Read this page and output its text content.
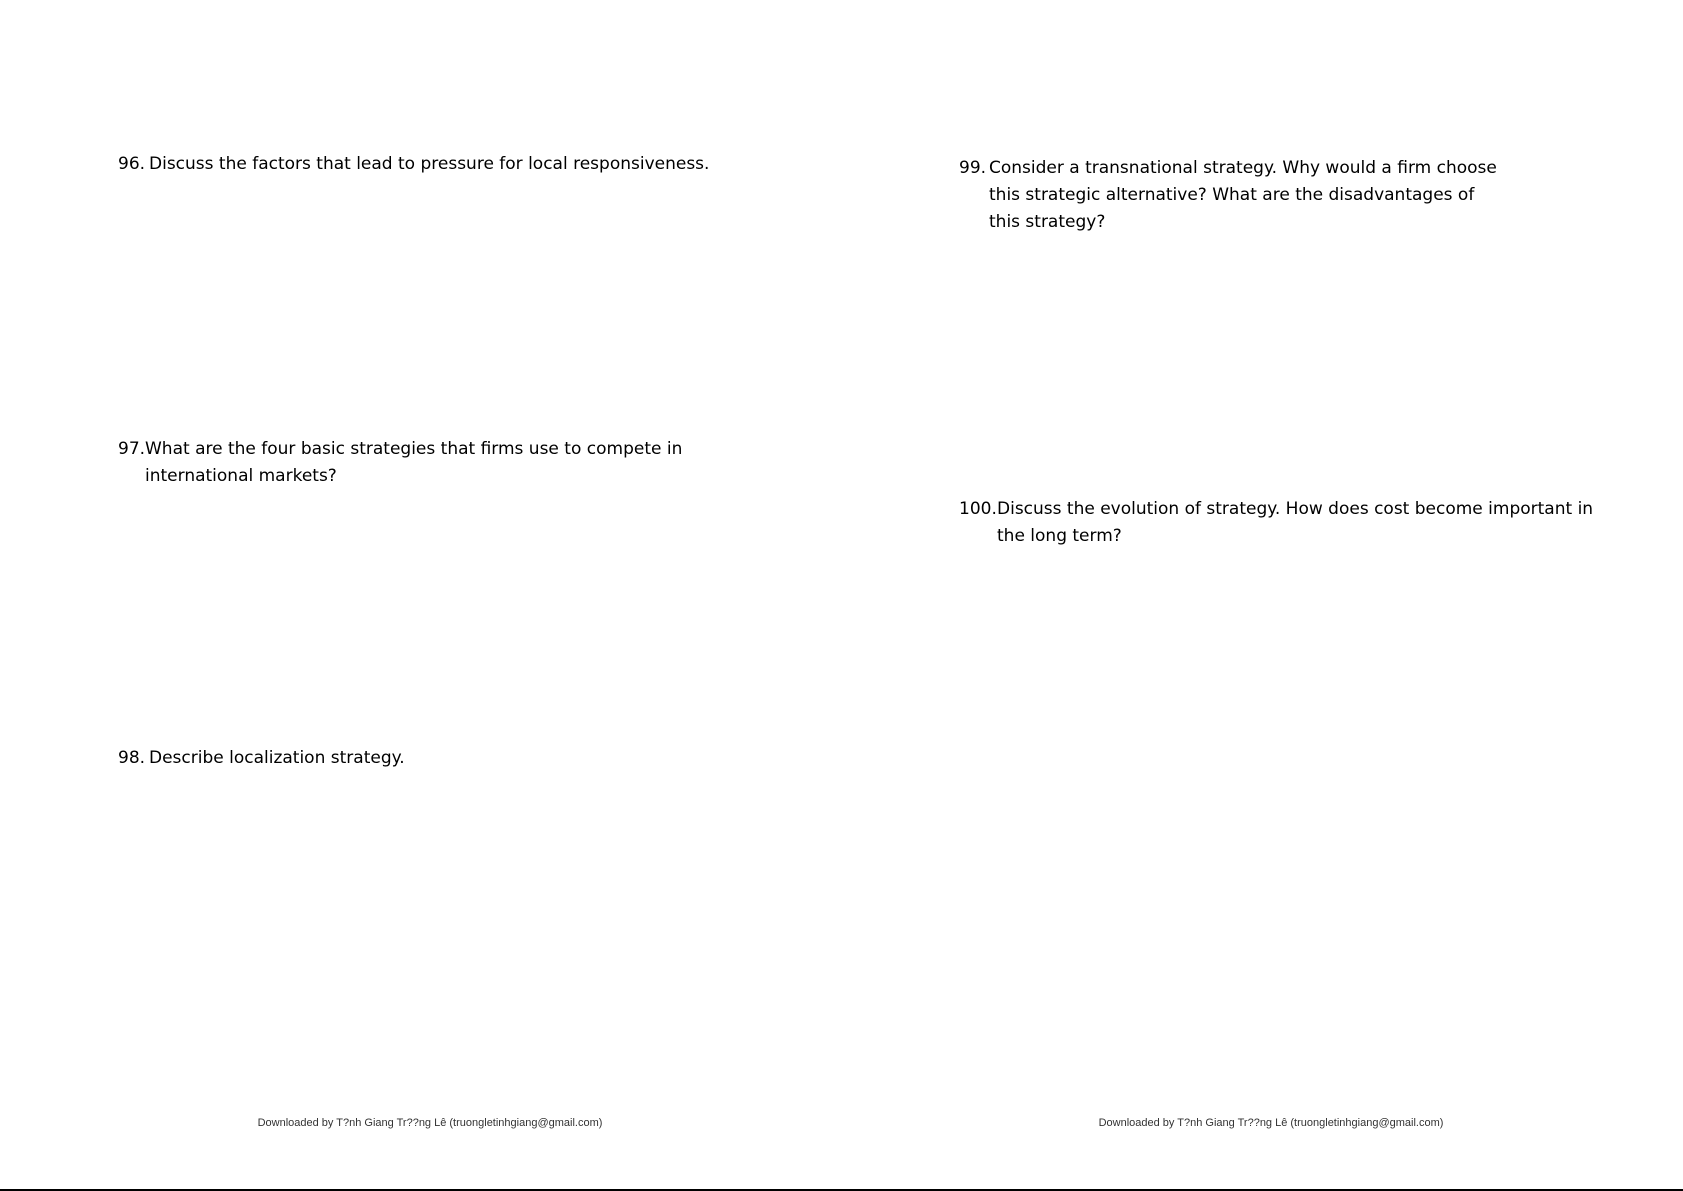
96. Discuss the factors that lead to pressure for local responsiveness.
97. What are the four basic strategies that firms use to compete in international markets?
98. Describe localization strategy.
99. Consider a transnational strategy. Why would a firm choose this strategic alternative? What are the disadvantages of this strategy?
100. Discuss the evolution of strategy. How does cost become important in the long term?
Downloaded by T?nh Giang Tr??ng Lê (truongletinhgiang@gmail.com)	Downloaded by T?nh Giang Tr??ng Lê (truongletinhgiang@gmail.com)
